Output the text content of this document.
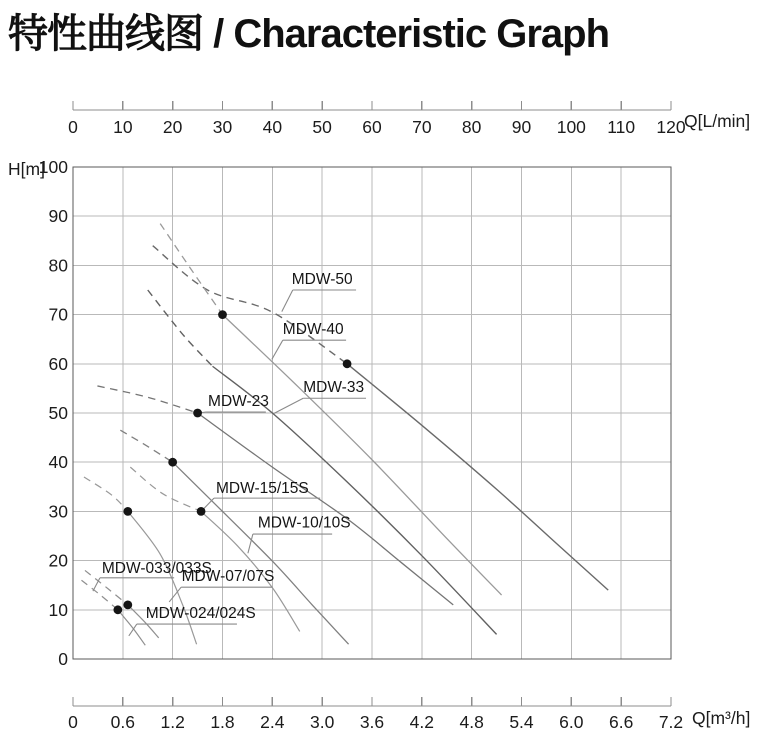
特性曲线图 / Characteristic Graph
0 10 20 30 40 50 60 70 80 90 100 110 120
Q[L/min]
0 0.6 1.2 1.8 2.4 3.0 3.6 4.2 4.8 5.4 6.0 6.6 7.2 Q[m³/h]
0
10
20
30
40
50
60
70
80
90
100
H[m]
MDW-50
MDW-40
MDW-33
MDW-23
MDW-15/15S
MDW-10/10S
MDW-07/07S
MDW-033/033S
MDW-024/024S
